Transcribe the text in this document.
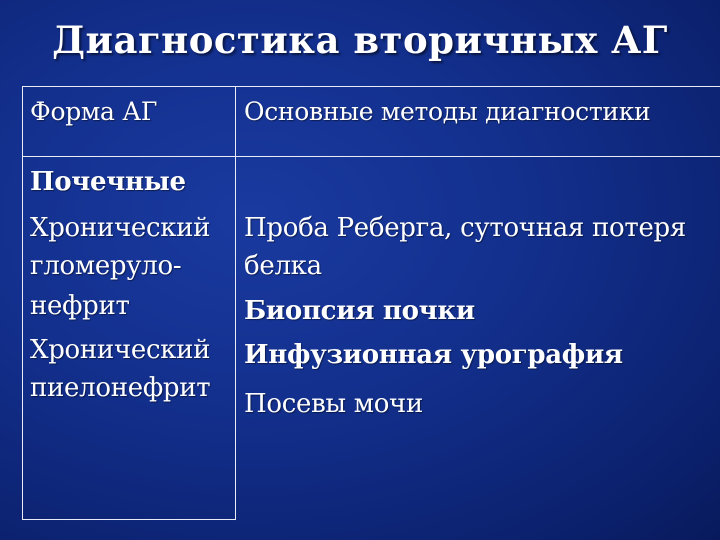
Диагностика вторичных АГ
Форма АГ	Основные методы диагностики
Почечные
Хронический
гломеруло-
нефрит
Хронический
пиелонефрит
Проба Реберга, суточная потеря
белка
Биопсия почки
Инфузионная урография
Посевы мочи
